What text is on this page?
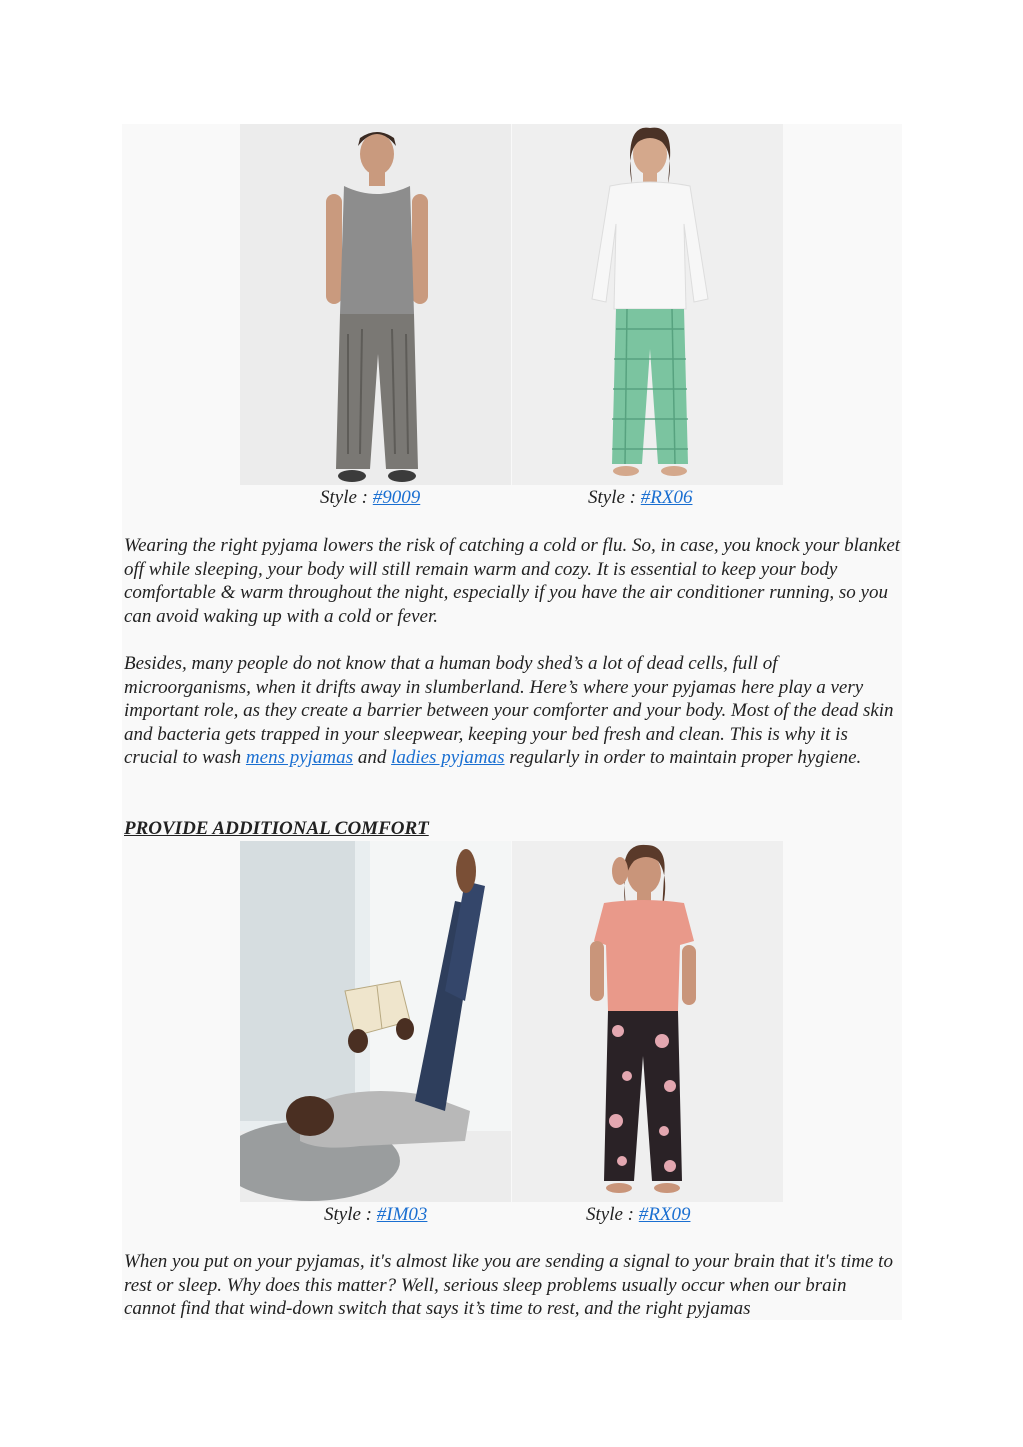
Style : #9009	Style : #RX06

Wearing the right pyjama lowers the risk of catching a cold or flu. So, in case, you knock your blanket off while sleeping, your body will still remain warm and cozy. It is essential to keep your body comfortable & warm throughout the night, especially if you have the air conditioner running, so you can avoid waking up with a cold or fever.

Besides, many people do not know that a human body shed’s a lot of dead cells, full of microorganisms, when it drifts away in slumberland. Here’s where your pyjamas here play a very important role, as they create a barrier between your comforter and your body. Most of the dead skin and bacteria gets trapped in your sleepwear, keeping your bed fresh and clean. This is why it is crucial to wash mens pyjamas and ladies pyjamas regularly in order to maintain proper hygiene.

PROVIDE ADDITIONAL COMFORT
Style : #IM03	Style : #RX09

When you put on your pyjamas, it's almost like you are sending a signal to your brain that it's time to rest or sleep. Why does this matter? Well, serious sleep problems usually occur when our brain cannot find that wind-down switch that says it’s time to rest, and the right pyjamas
